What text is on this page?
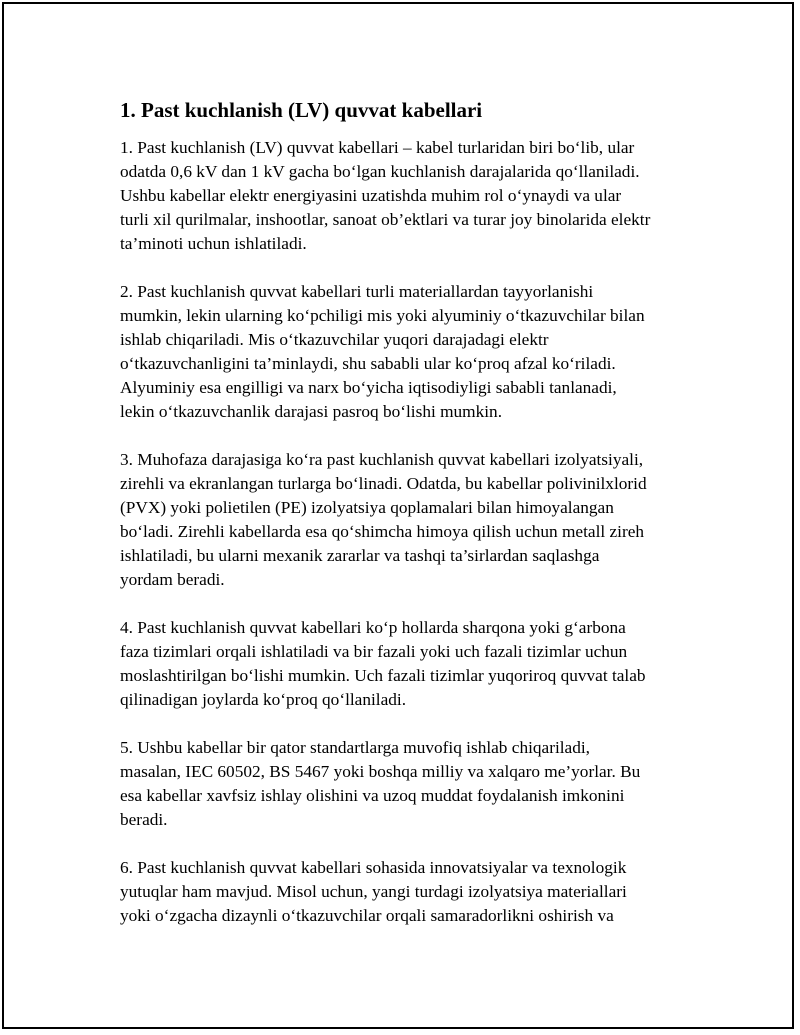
1. Past kuchlanish (LV) quvvat kabellari
1. Past kuchlanish (LV) quvvat kabellari – kabel turlaridan biri bo‘lib, ular
odatda 0,6 kV dan 1 kV gacha bo‘lgan kuchlanish darajalarida qo‘llaniladi.
Ushbu kabellar elektr energiyasini uzatishda muhim rol o‘ynaydi va ular
turli xil qurilmalar, inshootlar, sanoat ob’ektlari va turar joy binolarida elektr
ta’minoti uchun ishlatiladi.
2. Past kuchlanish quvvat kabellari turli materiallardan tayyorlanishi
mumkin, lekin ularning ko‘pchiligi mis yoki alyuminiy o‘tkazuvchilar bilan
ishlab chiqariladi. Mis o‘tkazuvchilar yuqori darajadagi elektr
o‘tkazuvchanligini ta’minlaydi, shu sababli ular ko‘proq afzal ko‘riladi.
Alyuminiy esa engilligi va narx bo‘yicha iqtisodiyligi sababli tanlanadi,
lekin o‘tkazuvchanlik darajasi pasroq bo‘lishi mumkin.
3. Muhofaza darajasiga ko‘ra past kuchlanish quvvat kabellari izolyatsiyali,
zirehli va ekranlangan turlarga bo‘linadi. Odatda, bu kabellar polivinilxlorid
(PVX) yoki polietilen (PE) izolyatsiya qoplamalari bilan himoyalangan
bo‘ladi. Zirehli kabellarda esa qo‘shimcha himoya qilish uchun metall zireh
ishlatiladi, bu ularni mexanik zararlar va tashqi ta’sirlardan saqlashga
yordam beradi.
4. Past kuchlanish quvvat kabellari ko‘p hollarda sharqona yoki g‘arbona
faza tizimlari orqali ishlatiladi va bir fazali yoki uch fazali tizimlar uchun
moslashtirilgan bo‘lishi mumkin. Uch fazali tizimlar yuqoriroq quvvat talab
qilinadigan joylarda ko‘proq qo‘llaniladi.
5. Ushbu kabellar bir qator standartlarga muvofiq ishlab chiqariladi,
masalan, IEC 60502, BS 5467 yoki boshqa milliy va xalqaro me’yorlar. Bu
esa kabellar xavfsiz ishlay olishini va uzoq muddat foydalanish imkonini
beradi.
6. Past kuchlanish quvvat kabellari sohasida innovatsiyalar va texnologik
yutuqlar ham mavjud. Misol uchun, yangi turdagi izolyatsiya materiallari
yoki o‘zgacha dizaynli o‘tkazuvchilar orqali samaradorlikni oshirish va
